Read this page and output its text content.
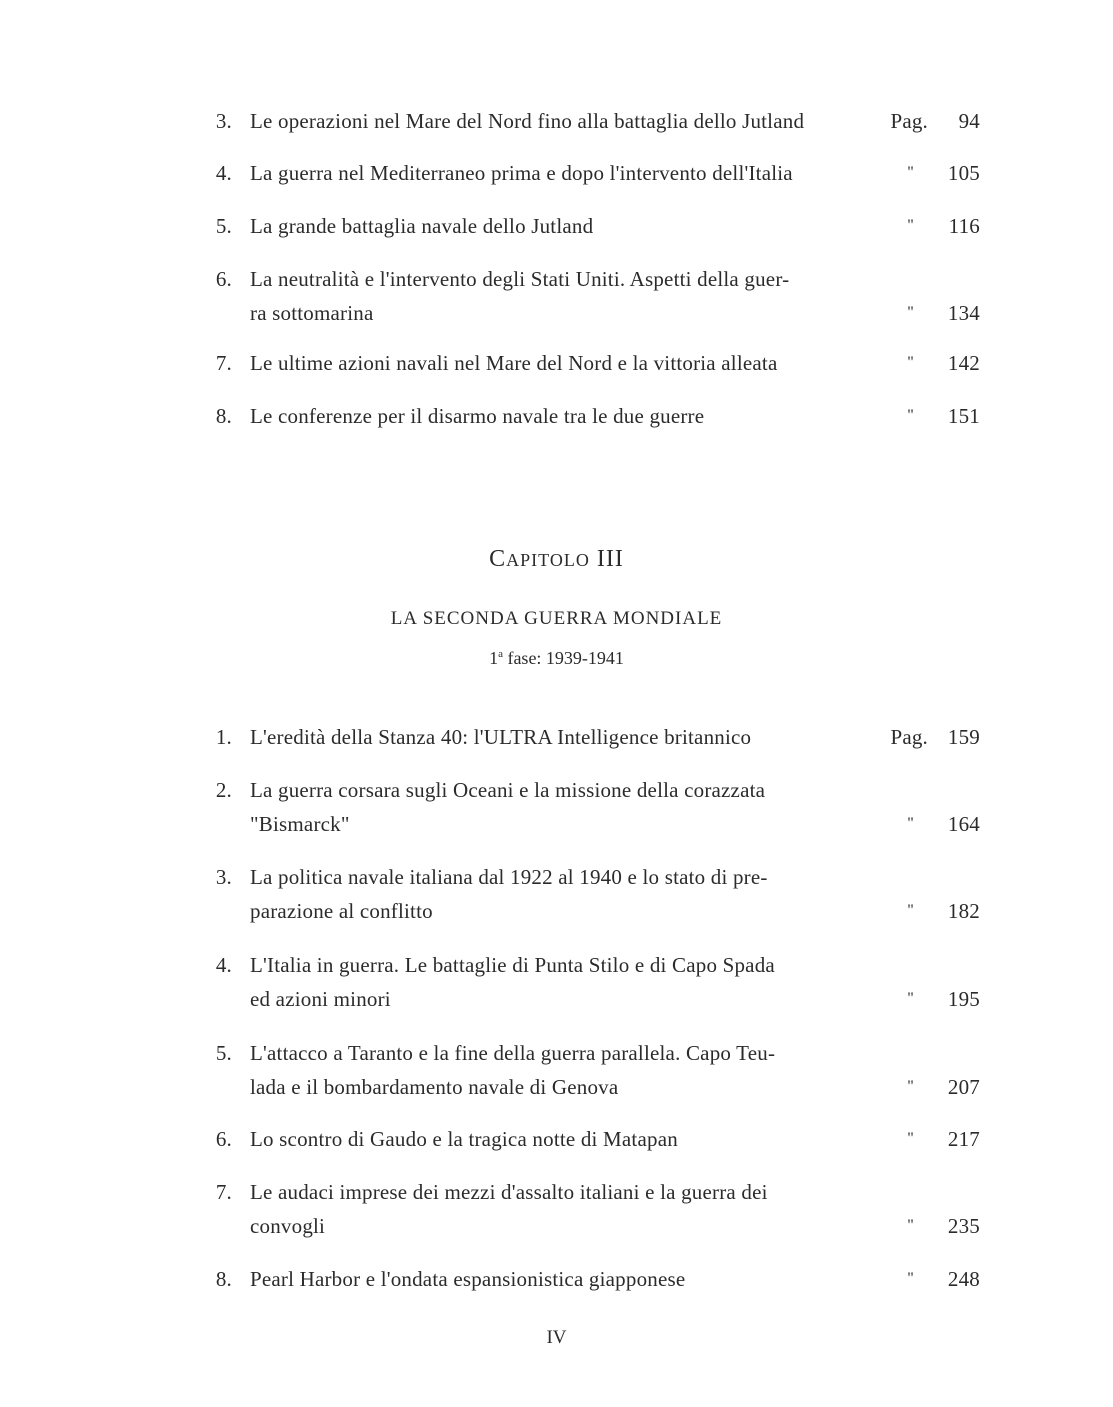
3. Le operazioni nel Mare del Nord fino alla battaglia dello Jutland	Pag.	94
4. La guerra nel Mediterraneo prima e dopo l'intervento dell'Italia	"	105
5. La grande battaglia navale dello Jutland	"	116
6. La neutralità e l'intervento degli Stati Uniti. Aspetti della guer-
ra sottomarina	"	134
7. Le ultime azioni navali nel Mare del Nord e la vittoria alleata	"	142
8. Le conferenze per il disarmo navale tra le due guerre	"	151
CAPITOLO III
LA SECONDA GUERRA MONDIALE
1$^a$ fase: 1939-1941
1. L'eredità della Stanza 40: l'ULTRA Intelligence britannico	Pag. 159
2. La guerra corsara sugli Oceani e la missione della corazzata
"Bismarck"	"	164
3. La politica navale italiana dal 1922 al 1940 e lo stato di pre-
parazione al conflitto	"	182
4. L'Italia in guerra. Le battaglie di Punta Stilo e di Capo Spada
ed azioni minori	"	195
5. L'attacco a Taranto e la fine della guerra parallela. Capo Teu-
lada e il bombardamento navale di Genova	"	207
6. Lo scontro di Gaudo e la tragica notte di Matapan	"	217
7. Le audaci imprese dei mezzi d'assalto italiani e la guerra dei
convogli	"	235
8. Pearl Harbor e l'ondata espansionistica giapponese	"	248
IV
